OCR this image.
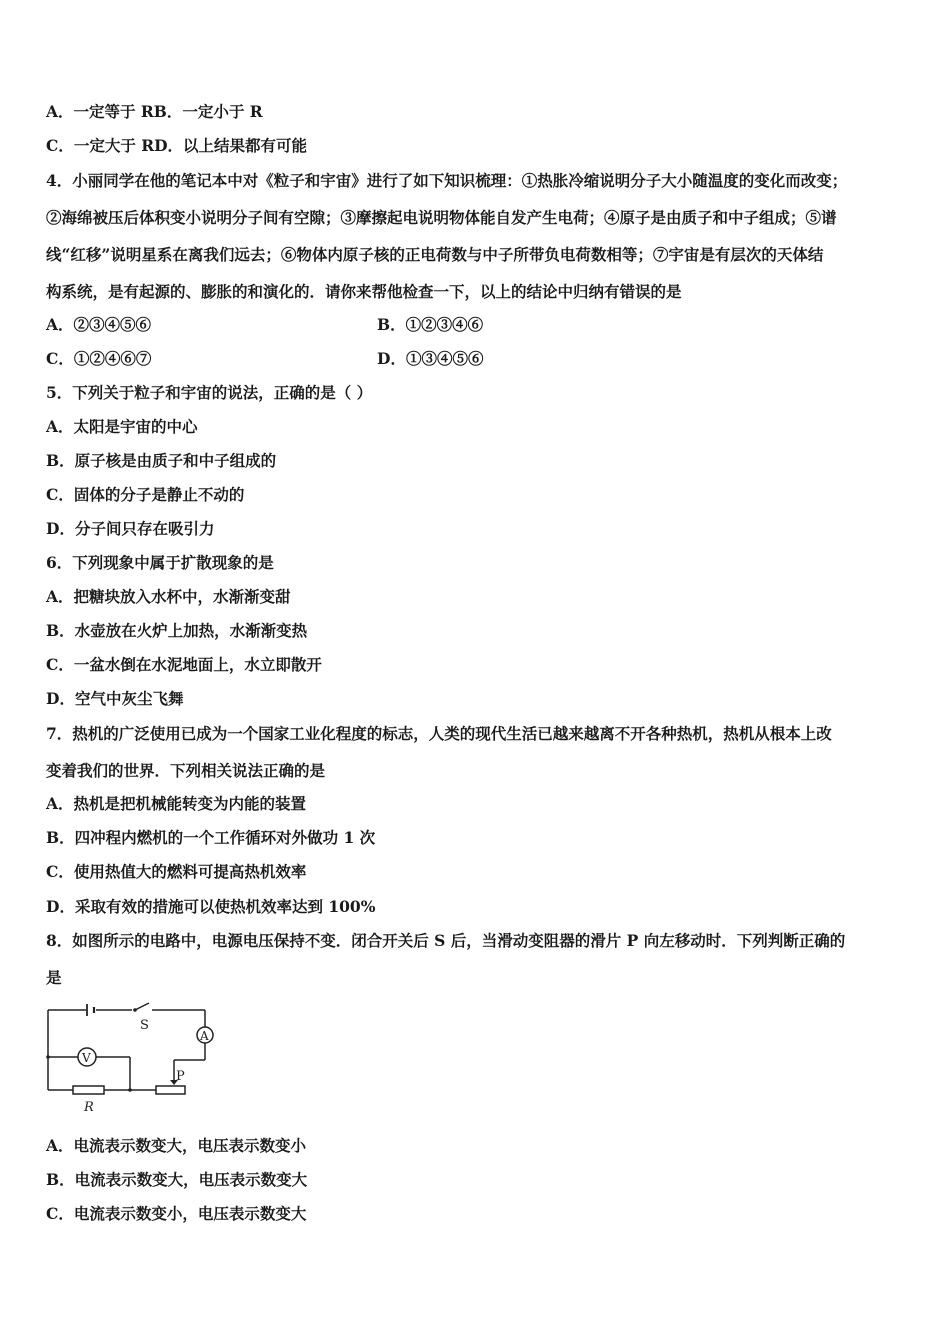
A．一定等于 RB．一定小于 R
C．一定大于 RD．以上结果都有可能
4．小丽同学在他的笔记本中对《粒子和宇宙》进行了如下知识梳理：①热胀冷缩说明分子大小随温度的变化而改变；
②海绵被压后体积变小说明分子间有空隙；③摩擦起电说明物体能自发产生电荷；④原子是由质子和中子组成；⑤谱
线“红移”说明星系在离我们远去；⑥物体内原子核的正电荷数与中子所带负电荷数相等；⑦宇宙是有层次的天体结
构系统，是有起源的、膨胀的和演化的．请你来帮他检查一下，以上的结论中归纳有错误的是
A．②③④⑤⑥	B．①②③④⑥
C．①②④⑥⑦	D．①③④⑤⑥
5．下列关于粒子和宇宙的说法，正确的是（ ）
A．太阳是宇宙的中心
B．原子核是由质子和中子组成的
C．固体的分子是静止不动的
D．分子间只存在吸引力
6．下列现象中属于扩散现象的是
A．把糖块放入水杯中，水渐渐变甜
B．水壶放在火炉上加热，水渐渐变热
C．一盆水倒在水泥地面上，水立即散开
D．空气中灰尘飞舞
7．热机的广泛使用已成为一个国家工业化程度的标志，人类的现代生活已越来越离不开各种热机，热机从根本上改
变着我们的世界．下列相关说法正确的是
A．热机是把机械能转变为内能的装置
B．四冲程内燃机的一个工作循环对外做功 1 次
C．使用热值大的燃料可提高热机效率
D．采取有效的措施可以使热机效率达到 100%
8．如图所示的电路中，电源电压保持不变．闭合开关后 S 后，当滑动变阻器的滑片 P 向左移动时．下列判断正确的
是
S
A
V
P
R
A．电流表示数变大，电压表示数变小
B．电流表示数变大，电压表示数变大
C．电流表示数变小，电压表示数变大
